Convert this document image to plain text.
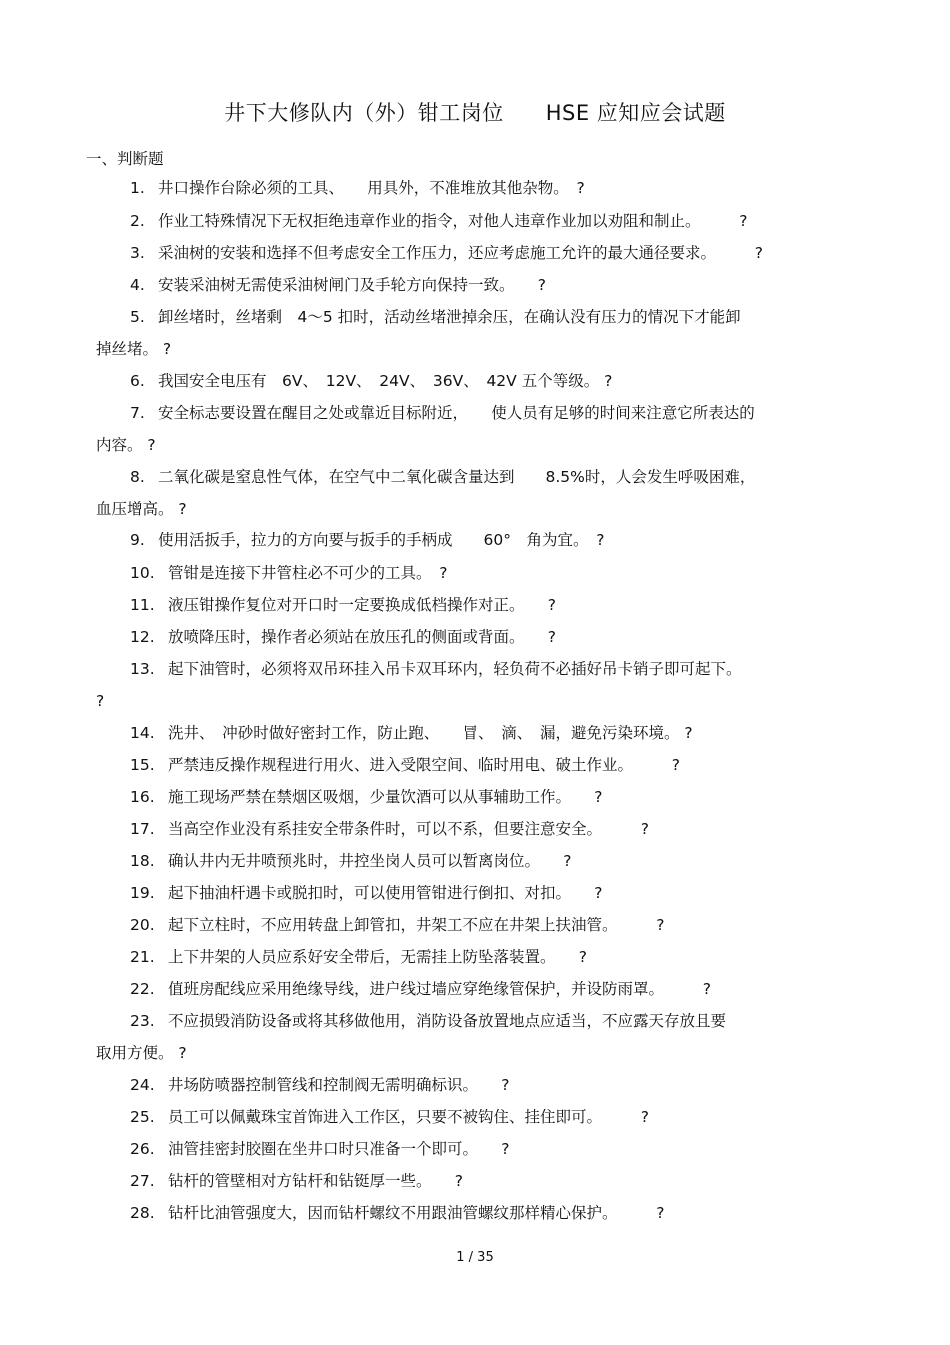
井下大修队内（外）钳工岗位 HSE 应知应会试题
一、判断题
1. 井口操作台除必须的工具、　　用具外，不准堆放其他杂物。　?
2. 作业工特殊情况下无权拒绝违章作业的指令，对他人违章作业加以劝阻和制止。　　　?
3. 采油树的安装和选择不但考虑安全工作压力，还应考虑施工允许的最大通径要求。　　　?
4. 安装采油树无需使采油树闸门及手轮方向保持一致。　　?
5. 卸丝堵时，丝堵剩　4～5 扣时，活动丝堵泄掉余压，在确认没有压力的情况下才能卸
掉丝堵。 ?
6. 我国安全电压有　6V、　12V、　24V、　36V、　42V 五个等级。 ?
7. 安全标志要设置在醒目之处或靠近目标附近，　　使人员有足够的时间来注意它所表达的
内容。 ?
8. 二氧化碳是窒息性气体，在空气中二氧化碳含量达到　　8.5%时，人会发生呼吸困难，
血压增高。 ?
9. 使用活扳手，拉力的方向要与扳手的手柄成　　60°　角为宜。　?
10. 管钳是连接下井管柱必不可少的工具。　?
11. 液压钳操作复位对开口时一定要换成低档操作对正。　　?
12. 放喷降压时，操作者必须站在放压孔的侧面或背面。　　?
13. 起下油管时，必须将双吊环挂入吊卡双耳环内，轻负荷不必插好吊卡销子即可起下。
?
14. 洗井、　冲砂时做好密封工作，防止跑、　　冒、　滴、　漏，避免污染环境。 ?
15. 严禁违反操作规程进行用火、进入受限空间、临时用电、破土作业。　　　?
16. 施工现场严禁在禁烟区吸烟，少量饮酒可以从事辅助工作。　　?
17. 当高空作业没有系挂安全带条件时，可以不系，但要注意安全。　　　?
18. 确认井内无井喷预兆时，井控坐岗人员可以暂离岗位。　　?
19. 起下抽油杆遇卡或脱扣时，可以使用管钳进行倒扣、对扣。　　?
20. 起下立柱时，不应用转盘上卸管扣，井架工不应在井架上扶油管。　　　?
21. 上下井架的人员应系好安全带后，无需挂上防坠落装置。　　?
22. 值班房配线应采用绝缘导线，进户线过墙应穿绝缘管保护，并设防雨罩。　　　?
23. 不应损毁消防设备或将其移做他用，消防设备放置地点应适当，不应露天存放且要
取用方便。 ?
24. 井场防喷器控制管线和控制阀无需明确标识。　　?
25. 员工可以佩戴珠宝首饰进入工作区，只要不被钩住、挂住即可。　　　?
26. 油管挂密封胶圈在坐井口时只准备一个即可。　　?
27. 钻杆的管壁相对方钻杆和钻铤厚一些。　　?
28. 钻杆比油管强度大，因而钻杆螺纹不用跟油管螺纹那样精心保护。　　　?
1 / 35
